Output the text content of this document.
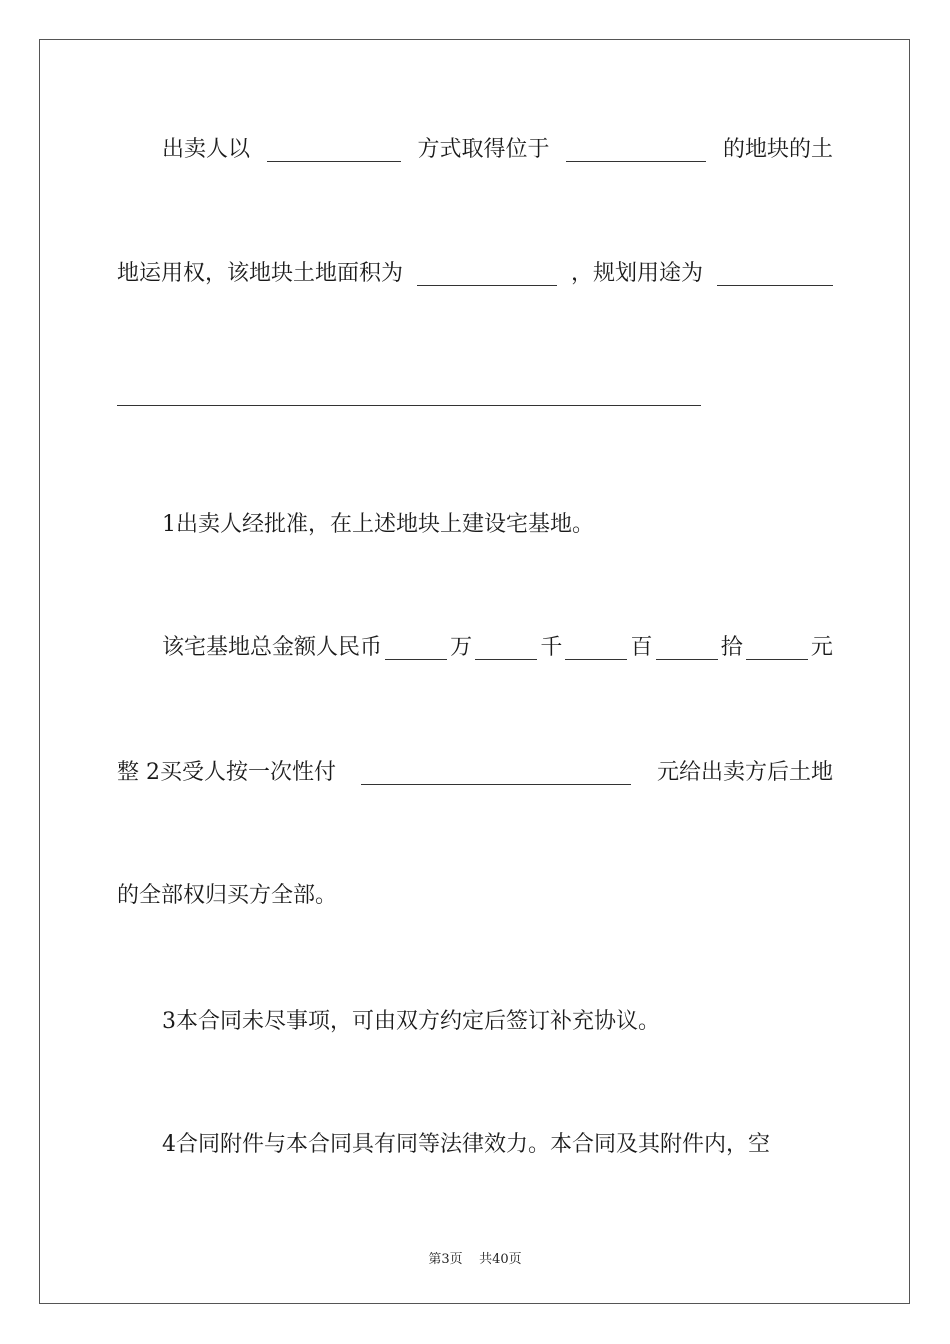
出卖人以	方式取得位于	的地块的土
地运用权，该地块土地面积为	，规划用途为
1出卖人经批准，在上述地块上建设宅基地。
该宅基地总金额人民币	万	千	百	拾	元
整 2买受人按一次性付	元给出卖方后土地
的全部权归买方全部。
3本合同未尽事项，可由双方约定后签订补充协议。
4合同附件与本合同具有同等法律效力。本合同及其附件内，空
第3页 共40页
